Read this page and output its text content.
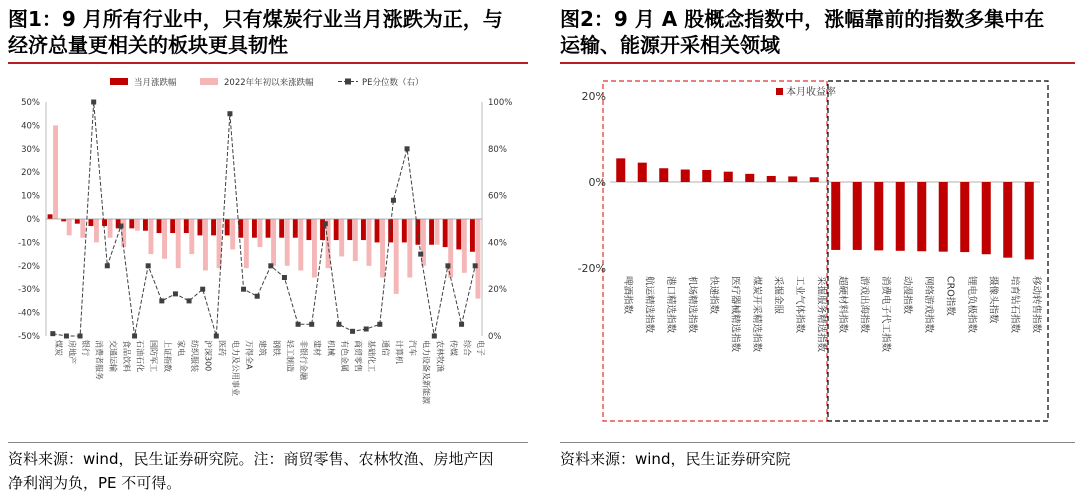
图1：9 月所有行业中，只有煤炭行业当月涨跌为正，与
经济总量更相关的板块更具韧性
图2：9 月 A 股概念指数中，涨幅靠前的指数多集中在
运输、能源开采相关领域
当月涨跌幅	2022年年初以来涨跌幅	PE分位数（右）
50%
40%
30%
20%
10%
0%
-10%
-20%
-30%
-40%
-50%
100%
80%
60%
40%
20%
0%
煤炭 房地产 银行 消费者服务 交通运输 食品饮料 石油石化 国防军工 上证指数 家电 纺织服装 沪深300 医药 电力及公用事业 万得全A 建筑 钢铁 轻工制造 非银行金融 建材 机械 有色金属 商贸零售 基础化工 通信 计算机 汽车 电力设备及新能源 农林牧渔 传媒 综合 电子
本月收益率
20%
0%
-20%
啤酒指数 航运精选指数 港口精选指数 机场精选指数 快递指数 医疗器械精选指数 煤炭开采精选指数 采掘金服 工业气体指数 采掘服务精选指数 超硬材料指数 游戏出海指数 消费电子代工指数 动漫指数 网络游戏指数 CRO指数 锂电负极指数 摄像头指数 培育钻石指数 移动转售指数
资料来源：wind，民生证券研究院。注：商贸零售、农林牧渔、房地产因
净利润为负，PE 不可得。
资料来源：wind，民生证券研究院
